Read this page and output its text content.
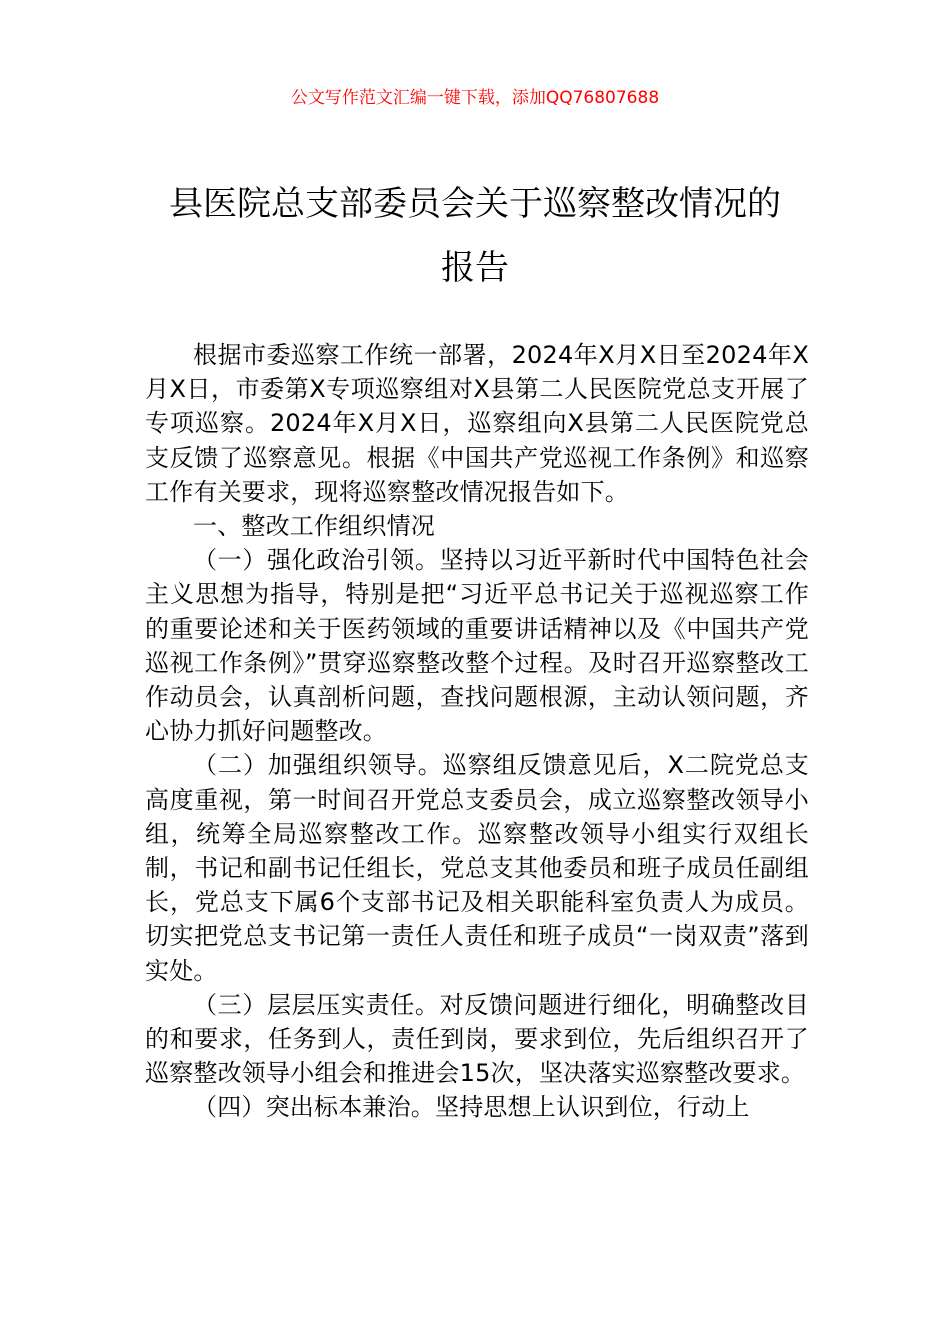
公文写作范文汇编一键下载，添加QQ76807688
县医院总支部委员会关于巡察整改情况的
报告

根据市委巡察工作统一部署，2024年X月X日至2024年X月X日，市委第X专项巡察组对X县第二人民医院党总支开展了专项巡察。2024年X月X日，巡察组向X县第二人民医院党总支反馈了巡察意见。根据《中国共产党巡视工作条例》和巡察工作有关要求，现将巡察整改情况报告如下。

一、整改工作组织情况

（一）强化政治引领。坚持以习近平新时代中国特色社会主义思想为指导，特别是把“习近平总书记关于巡视巡察工作的重要论述和关于医药领域的重要讲话精神以及《中国共产党巡视工作条例》”贯穿巡察整改整个过程。及时召开巡察整改工作动员会，认真剖析问题，查找问题根源，主动认领问题，齐心协力抓好问题整改。

（二）加强组织领导。巡察组反馈意见后，X二院党总支高度重视，第一时间召开党总支委员会，成立巡察整改领导小组，统筹全局巡察整改工作。巡察整改领导小组实行双组长制，书记和副书记任组长，党总支其他委员和班子成员任副组长，党总支下属6个支部书记及相关职能科室负责人为成员。切实把党总支书记第一责任人责任和班子成员“一岗双责”落到实处。

（三）层层压实责任。对反馈问题进行细化，明确整改目的和要求，任务到人，责任到岗，要求到位，先后组织召开了巡察整改领导小组会和推进会15次，坚决落实巡察整改要求。

（四）突出标本兼治。坚持思想上认识到位，行动上
